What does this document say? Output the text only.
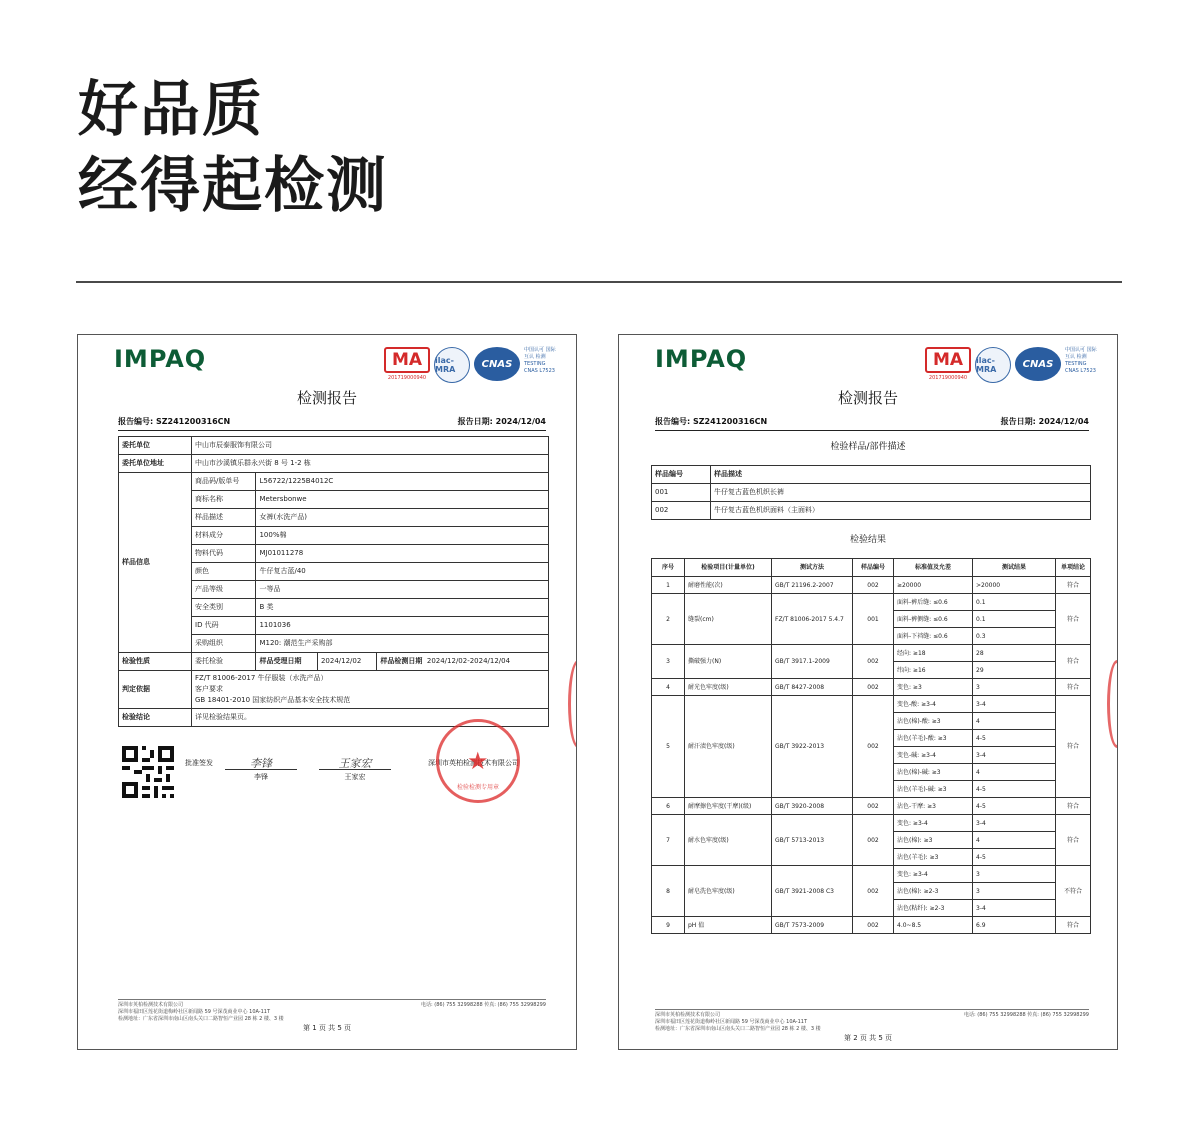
好品质
经得起检测
IMPAQ	MA
201719000940
ilac-MRA	CNAS
中国认可 国际互认 检测 TESTING CNAS L7523
检测报告
报告编号: SZ241200316CN	报告日期: 2024/12/04
委托单位	中山市辰泰服饰有限公司			
委托单位地址	中山市沙溪镇乐群永兴街 8 号 1-2 栋			
样品信息	商品码/版单号	L56722/1225B4012C		
	商标名称	Metersbonwe		
	样品描述	女裤(水洗产品)		
	材料成分	100%棉		
	物料代码	MJ01011278		
	颜色	牛仔复古蓝/40		
	产品等级	一等品		
	安全类别	B 类		
	ID 代码	1101036		
	采购组织	M120: 潮范生产采购部		
检验性质	委托检验	样品受理日期	2024/12/02	样品检测日期 2024/12/02-2024/12/04
判定依据	FZ/T 81006-2017 牛仔服装（水洗产品）
客户要求
GB 18401-2010 国家纺织产品基本安全技术规范			

检验结论	详见检验结果页。			
批准签发	李锋
李锋
王家宏
王家宏
深圳市英柏检测技术有限公司
★
检验检测专用章
深圳市英柏检测技术有限公司
深圳市福田区莲花街道梅岭社区新闻路 59 号深茂商业中心 10A-11T
检测地址：广东省深圳市南山区南头关口二路智恒产业园 28 栋 2 楼、3 楼
电话: (86) 755 32998288 传真: (86) 755 32998299
第 1 页 共 5 页
IMPAQ	MA
201719000940
ilac-MRA	CNAS
中国认可 国际互认 检测 TESTING CNAS L7523
检测报告
报告编号: SZ241200316CN	报告日期: 2024/12/04
检验样品/部件描述
样品编号	样品描述
001	牛仔复古蓝色机织长裤
002	牛仔复古蓝色机织面料（主面料）
检验结果
序号	检验项目(计量单位)	测试方法	样品编号	标准值及允差	测试结果	单项结论
1	耐磨性能(次)	GB/T 21196.2-2007	002	≥20000	>20000	符合
2	缝裂(cm)	FZ/T 81006-2017 5.4.7	001	面料-裤后缝: ≤0.6	0.1	符合
				面料-裤侧缝: ≤0.6	0.1	
				面料-下裆缝: ≤0.6	0.3	
3	撕破强力(N)	GB/T 3917.1-2009	002	经向: ≥18	28	符合
				纬向: ≥16	29	
4	耐光色牢度(级)	GB/T 8427-2008	002	变色: ≥3	3	符合
5	耐汗渍色牢度(级)	GB/T 3922-2013	002	变色-酸: ≥3-4	3-4	符合
				沾色(棉)-酸: ≥3	4	
				沾色(羊毛)-酸: ≥3	4-5	
				变色-碱: ≥3-4	3-4	
				沾色(棉)-碱: ≥3	4	
				沾色(羊毛)-碱: ≥3	4-5	
6	耐摩擦色牢度(干摩)(级)	GB/T 3920-2008	002	沾色-干摩: ≥3	4-5	符合
7	耐水色牢度(级)	GB/T 5713-2013	002	变色: ≥3-4	3-4	符合
				沾色(棉): ≥3	4	
				沾色(羊毛): ≥3	4-5	
8	耐皂洗色牢度(级)	GB/T 3921-2008 C3	002	变色: ≥3-4	3	不符合
				沾色(棉): ≥2-3	3	
				沾色(粘纤): ≥2-3	3-4	
9	pH 值	GB/T 7573-2009	002	4.0~8.5	6.9	符合
深圳市英柏检测技术有限公司
深圳市福田区莲花街道梅岭社区新闻路 59 号深茂商业中心 10A-11T
检测地址：广东省深圳市南山区南头关口二路智恒产业园 28 栋 2 楼、3 楼
电话: (86) 755 32998288 传真: (86) 755 32998299
第 2 页 共 5 页
